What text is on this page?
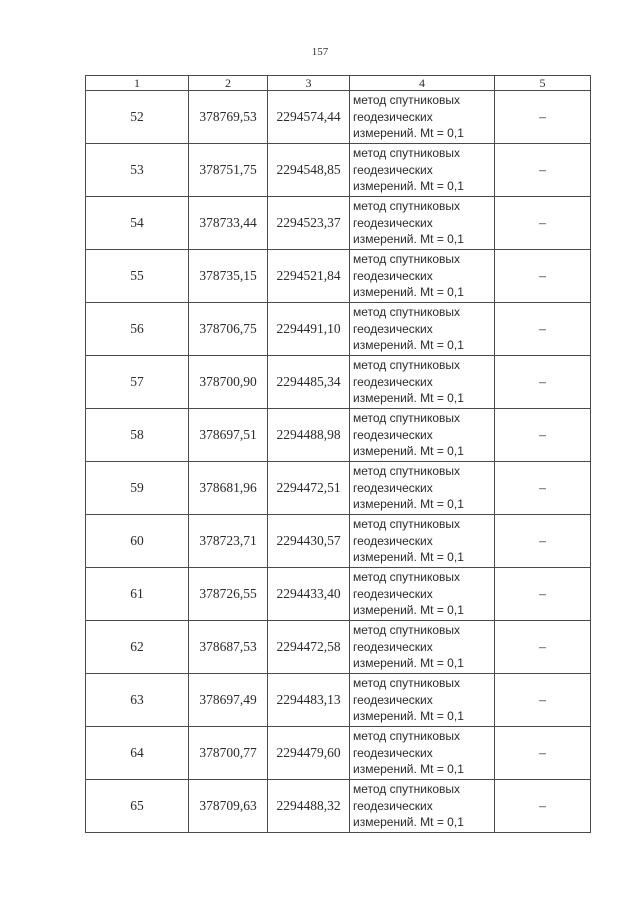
157
1	2	3	4	5
52	378769,53	2294574,44	метод спутниковых геодезических измерений. Mt = 0,1	–
53	378751,75	2294548,85	метод спутниковых геодезических измерений. Mt = 0,1	–
54	378733,44	2294523,37	метод спутниковых геодезических измерений. Mt = 0,1	–
55	378735,15	2294521,84	метод спутниковых геодезических измерений. Mt = 0,1	–
56	378706,75	2294491,10	метод спутниковых геодезических измерений. Mt = 0,1	–
57	378700,90	2294485,34	метод спутниковых геодезических измерений. Mt = 0,1	–
58	378697,51	2294488,98	метод спутниковых геодезических измерений. Mt = 0,1	–
59	378681,96	2294472,51	метод спутниковых геодезических измерений. Mt = 0,1	–
60	378723,71	2294430,57	метод спутниковых геодезических измерений. Mt = 0,1	–
61	378726,55	2294433,40	метод спутниковых геодезических измерений. Mt = 0,1	–
62	378687,53	2294472,58	метод спутниковых геодезических измерений. Mt = 0,1	–
63	378697,49	2294483,13	метод спутниковых геодезических измерений. Mt = 0,1	–
64	378700,77	2294479,60	метод спутниковых геодезических измерений. Mt = 0,1	–
65	378709,63	2294488,32	метод спутниковых геодезических измерений. Mt = 0,1	–
